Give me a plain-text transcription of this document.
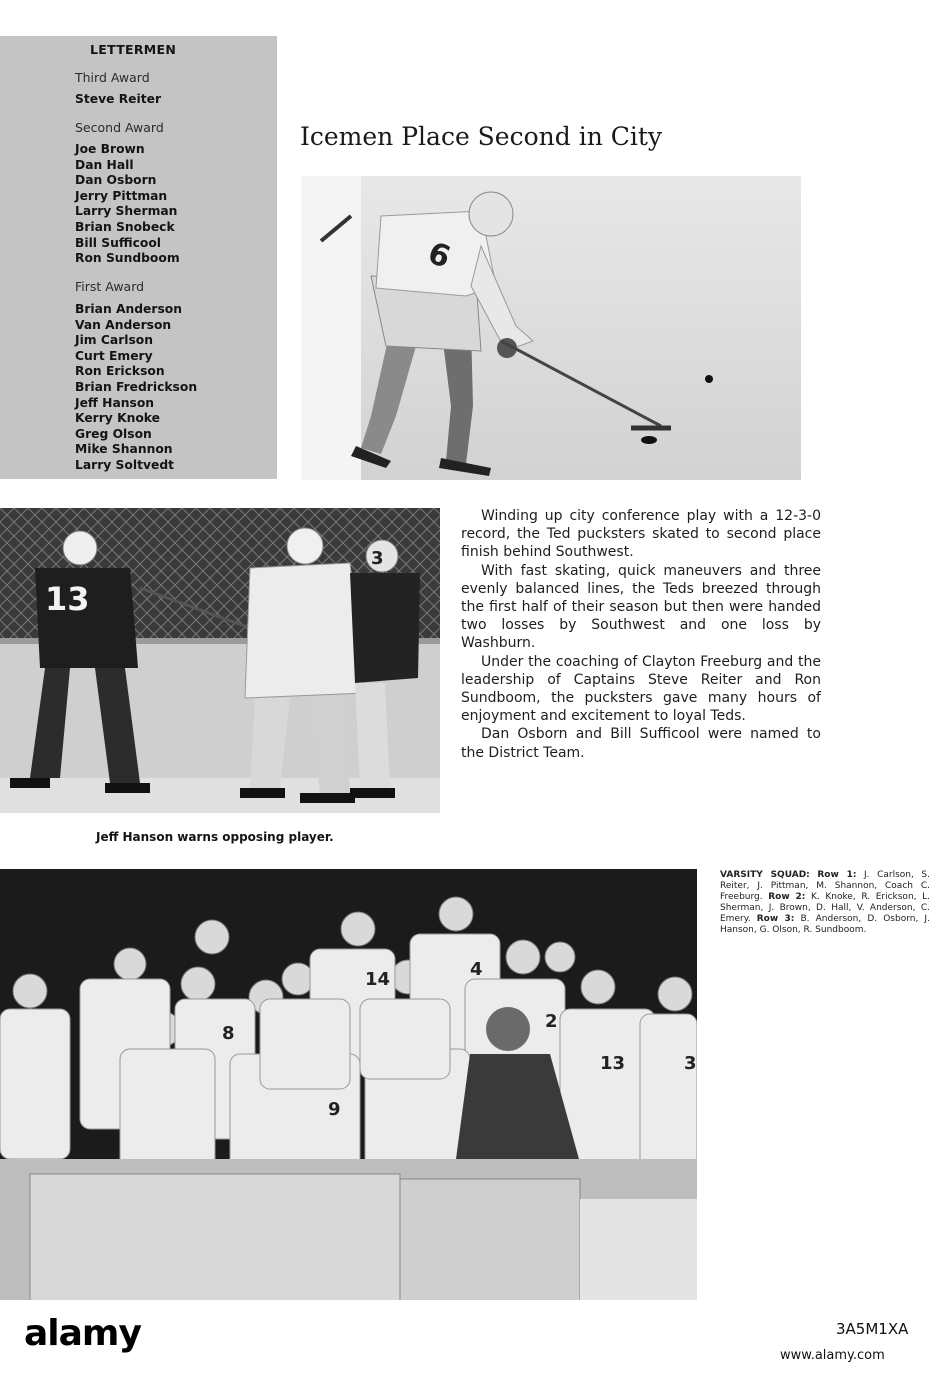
LETTERMEN
Third Award
Steve Reiter
Second Award
Joe Brown
Dan Hall
Dan Osborn
Jerry Pittman
Larry Sherman
Brian Snobeck
Bill Sufficool
Ron Sundboom
First Award
Brian Anderson
Van Anderson
Jim Carlson
Curt Emery
Ron Erickson
Brian Fredrickson
Jeff Hanson
Kerry Knoke
Greg Olson
Mike Shannon
Larry Soltvedt
Icemen Place Second in City
6
13
3

Winding up city conference play with a 12-3-0 record, the Ted pucksters skated to second place finish behind Southwest.

With fast skating, quick maneuvers and three evenly balanced lines, the Teds breezed through the first half of their season but then were handed two losses by Southwest and one loss by Washburn.

Under the coaching of Clayton Freeburg and the leadership of Captains Steve Reiter and Ron Sundboom, the pucksters gave many hours of enjoyment and excitement to loyal Teds.

Dan Osborn and Bill Sufficool were named to the District Team.

Jeff Hanson warns opposing player.
14	4
8
2
13
9
3
VARSITY SQUAD: Row 1: J. Carlson, S. Reiter, J. Pittman, M. Shannon, Coach C. Freeburg. Row 2: K. Knoke, R. Erickson, L. Sherman, J. Brown, D. Hall, V. Anderson, C. Emery. Row 3: B. Anderson, D. Osborn, J. Hanson, G. Olson, R. Sundboom.
alamy	3A5M1XA
www.alamy.com
